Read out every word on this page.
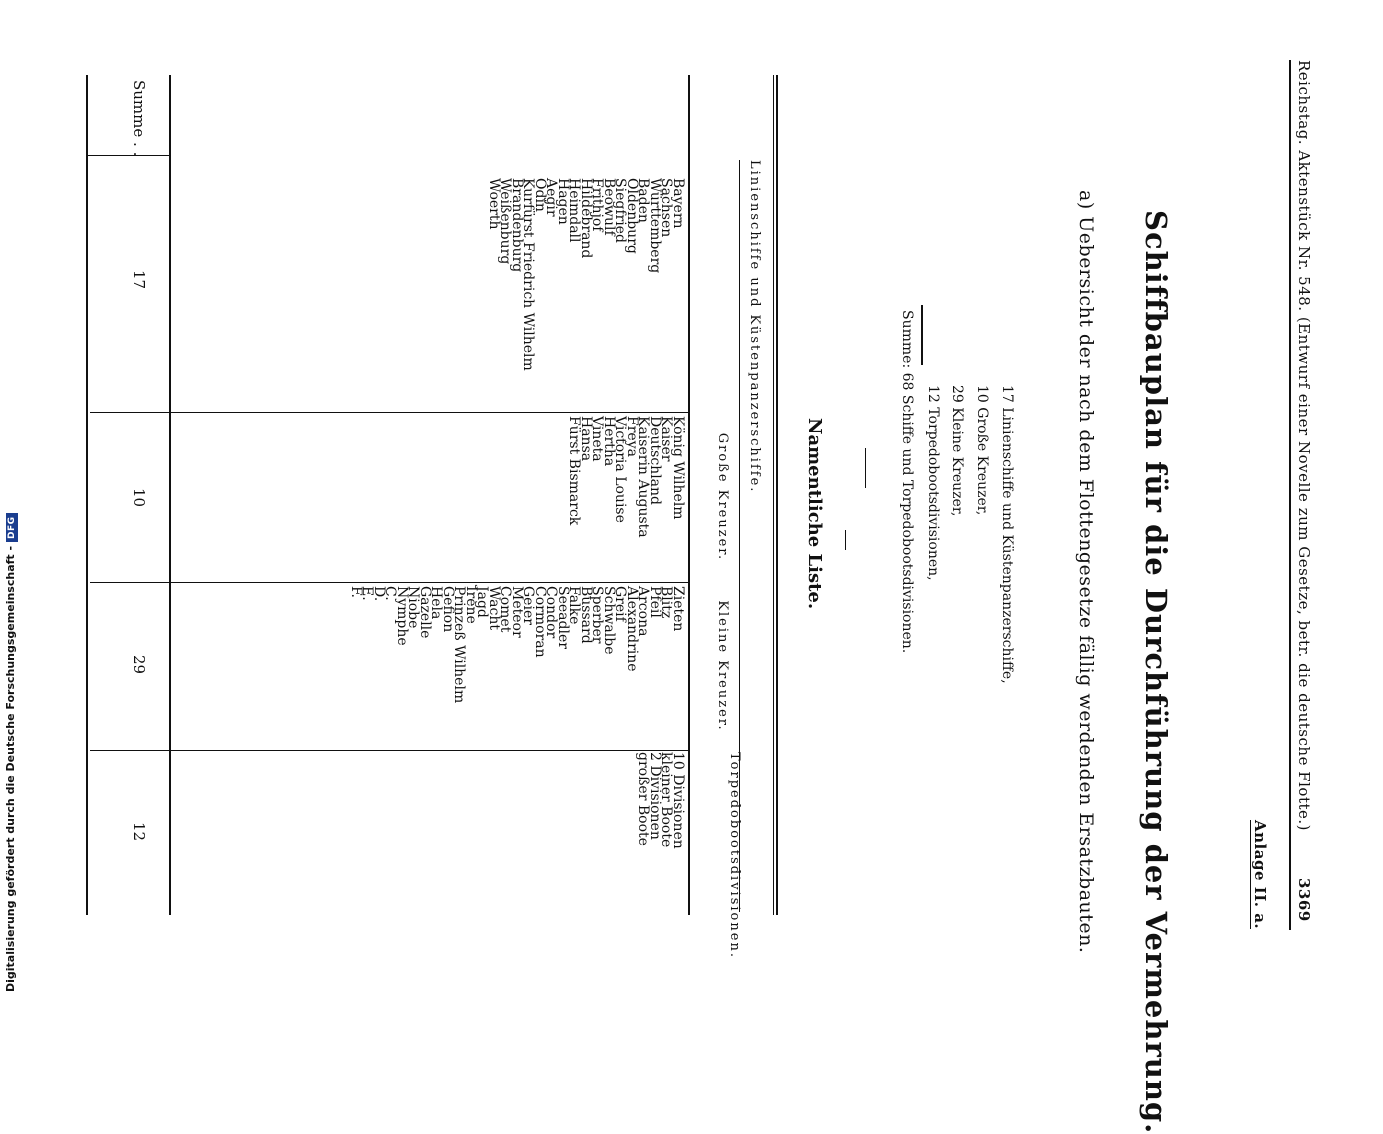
Reichstag. Aktenstück Nr. 548. (Entwurf einer Novelle zum Gesetze, betr. die deutsche Flotte.)
3369
Anlage II. a.
Schiffbauplan für die Durchführung der Vermehrung.
a) Uebersicht der nach dem Flottengesetze fällig werdenden Ersatzbauten.
17 Linienschiffe und Küstenpanzerschiffe,
10 Große Kreuzer,
29 Kleine Kreuzer,
12 Torpedobootsdivisionen,
Summe: 68 Schiffe und Torpedobootsdivisionen.
Namentliche Liste.
Linienschiffe und Küstenpanzerschiffe.
Große Kreuzer.
Kleine Kreuzer.
Torpedobootsdivisionen.
Bayern
Sachsen
Württemberg
Baden
Oldenburg
Siegfried
Beowulf
Frithjof
Hildebrand
Heimdall
Hagen
Aegir
Odin
Kurfürst Friedrich Wilhelm
Brandenburg
Weißenburg
Woerth
König Wilhelm
Kaiser
Deutschland
Kaiserin Augusta
Freya
Victoria Louise
Hertha
Vineta
Hansa
Fürst Bismarck
Zieten
Blitz
Pfeil
Arcona
Alexandrine
Greif
Schwalbe
Sperber
Bussard
Falke
Seeadler
Condor
Cormoran
Geier
Meteor
Comet
Wacht
Jagd
Irene
Prinzeß Wilhelm
Gefion
Hela
Gazelle
Niobe
Nymphe
C.
D.
E.
F.
10 Divisionen
kleiner Boote
2 Divisionen
großer Boote
Summe . .
17
10
29
12
Digitalisierung gefördert durch die Deutsche Forschungsgemeinschaft -DFG
